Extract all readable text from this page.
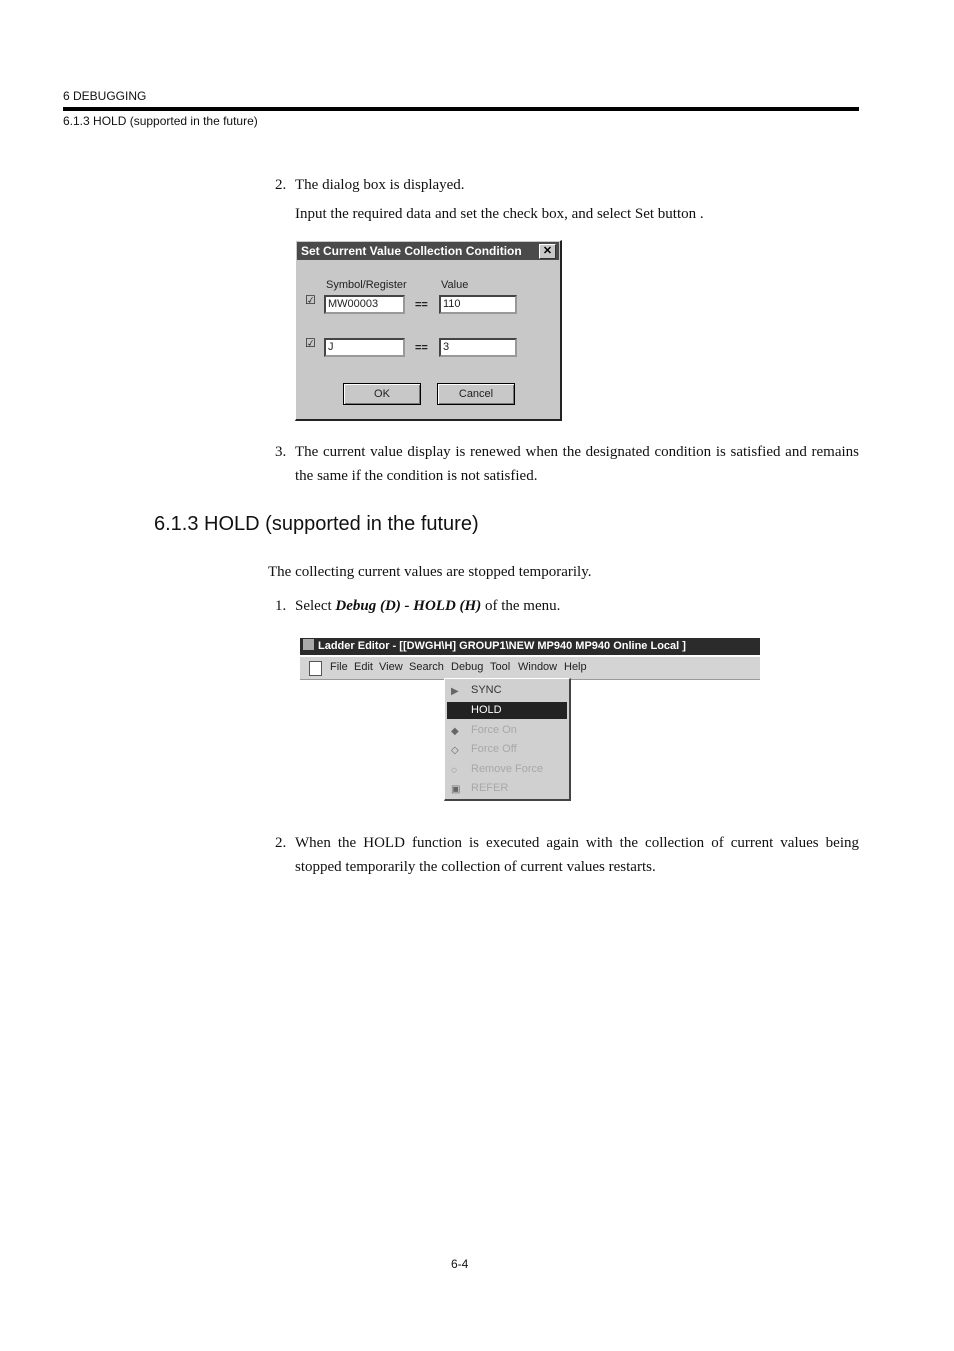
6 DEBUGGING
6.1.3 HOLD (supported in the future)
2. The dialog box is displayed.
Input the required data and set the check box, and select Set button .
Set Current Value Collection Condition	✕
Symbol/Register	Value
☑	MW00003	==	110
☑	J	==	3
OK	Cancel
3. The current value display is renewed when the designated condition is satisfied and remains the same if the condition is not satisfied.
6.1.3 HOLD (supported in the future)
The collecting current values are stopped temporarily.
1. Select Debug (D) - HOLD (H) of the menu.
Ladder Editor - [[DWGH\H] GROUP1\NEW MP940 MP940 Online Local ]
File Edit View Search Debug Tool Window Help
▶ SYNC
HOLD
◆ Force On
◇ Force Off
◌ Remove Force
▣ REFER
2. When the HOLD function is executed again with the collection of current values being stopped temporarily the collection of current values restarts.
6-4
